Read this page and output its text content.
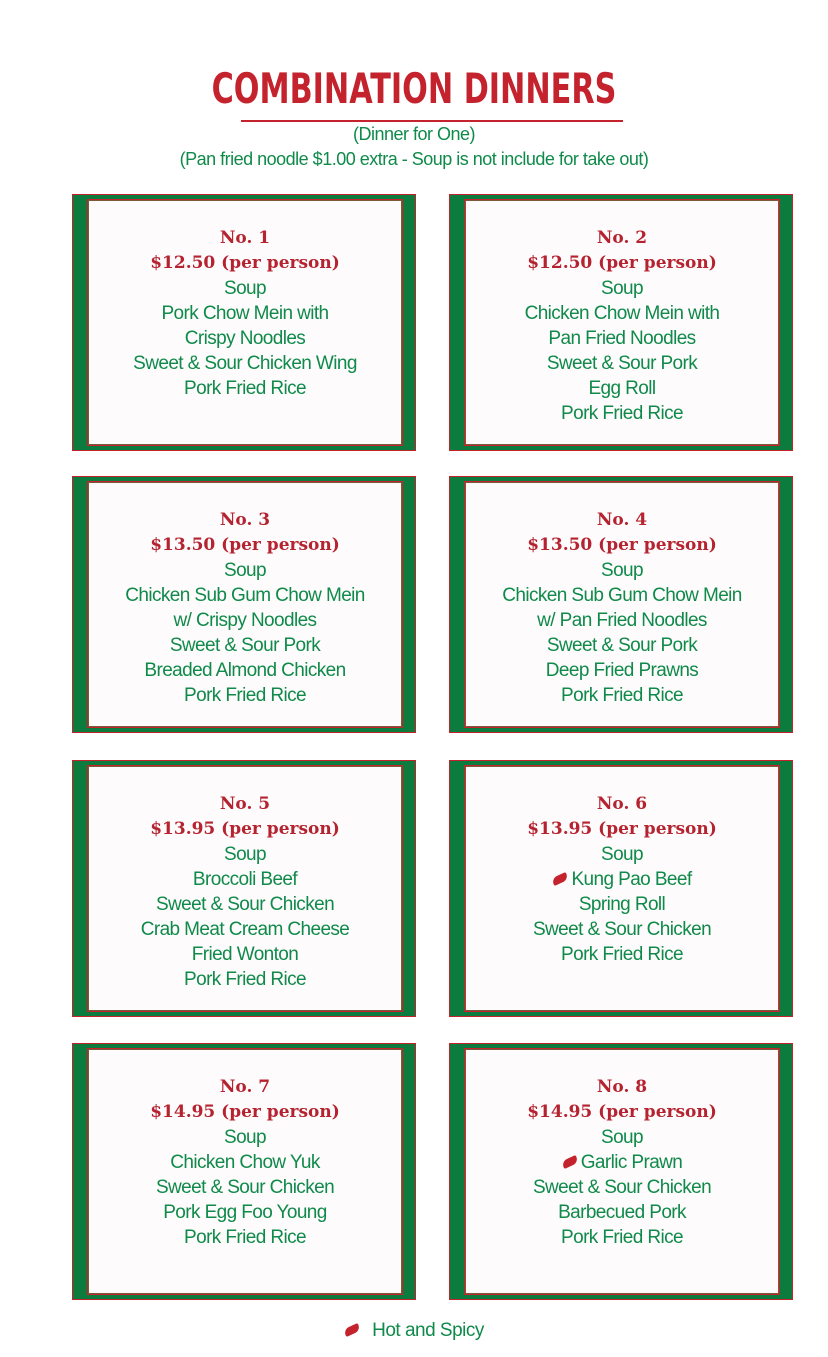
COMBINATION DINNERS
(Dinner for One)
(Pan fried noodle $1.00 extra - Soup is not include for take out)
No. 1
$12.50 (per person)
Soup
Pork Chow Mein with
Crispy Noodles
Sweet & Sour Chicken Wing
Pork Fried Rice
No. 2
$12.50 (per person)
Soup
Chicken Chow Mein with
Pan Fried Noodles
Sweet & Sour Pork
Egg Roll
Pork Fried Rice
No. 3
$13.50 (per person)
Soup
Chicken Sub Gum Chow Mein
w/ Crispy Noodles
Sweet & Sour Pork
Breaded Almond Chicken
Pork Fried Rice
No. 4
$13.50 (per person)
Soup
Chicken Sub Gum Chow Mein
w/ Pan Fried Noodles
Sweet & Sour Pork
Deep Fried Prawns
Pork Fried Rice
No. 5
$13.95 (per person)
Soup
Broccoli Beef
Sweet & Sour Chicken
Crab Meat Cream Cheese
Fried Wonton
Pork Fried Rice
No. 6
$13.95 (per person)
Soup
Kung Pao Beef
Spring Roll
Sweet & Sour Chicken
Pork Fried Rice
No. 7
$14.95 (per person)
Soup
Chicken Chow Yuk
Sweet & Sour Chicken
Pork Egg Foo Young
Pork Fried Rice
No. 8
$14.95 (per person)
Soup
Garlic Prawn
Sweet & Sour Chicken
Barbecued Pork
Pork Fried Rice
Hot and Spicy
